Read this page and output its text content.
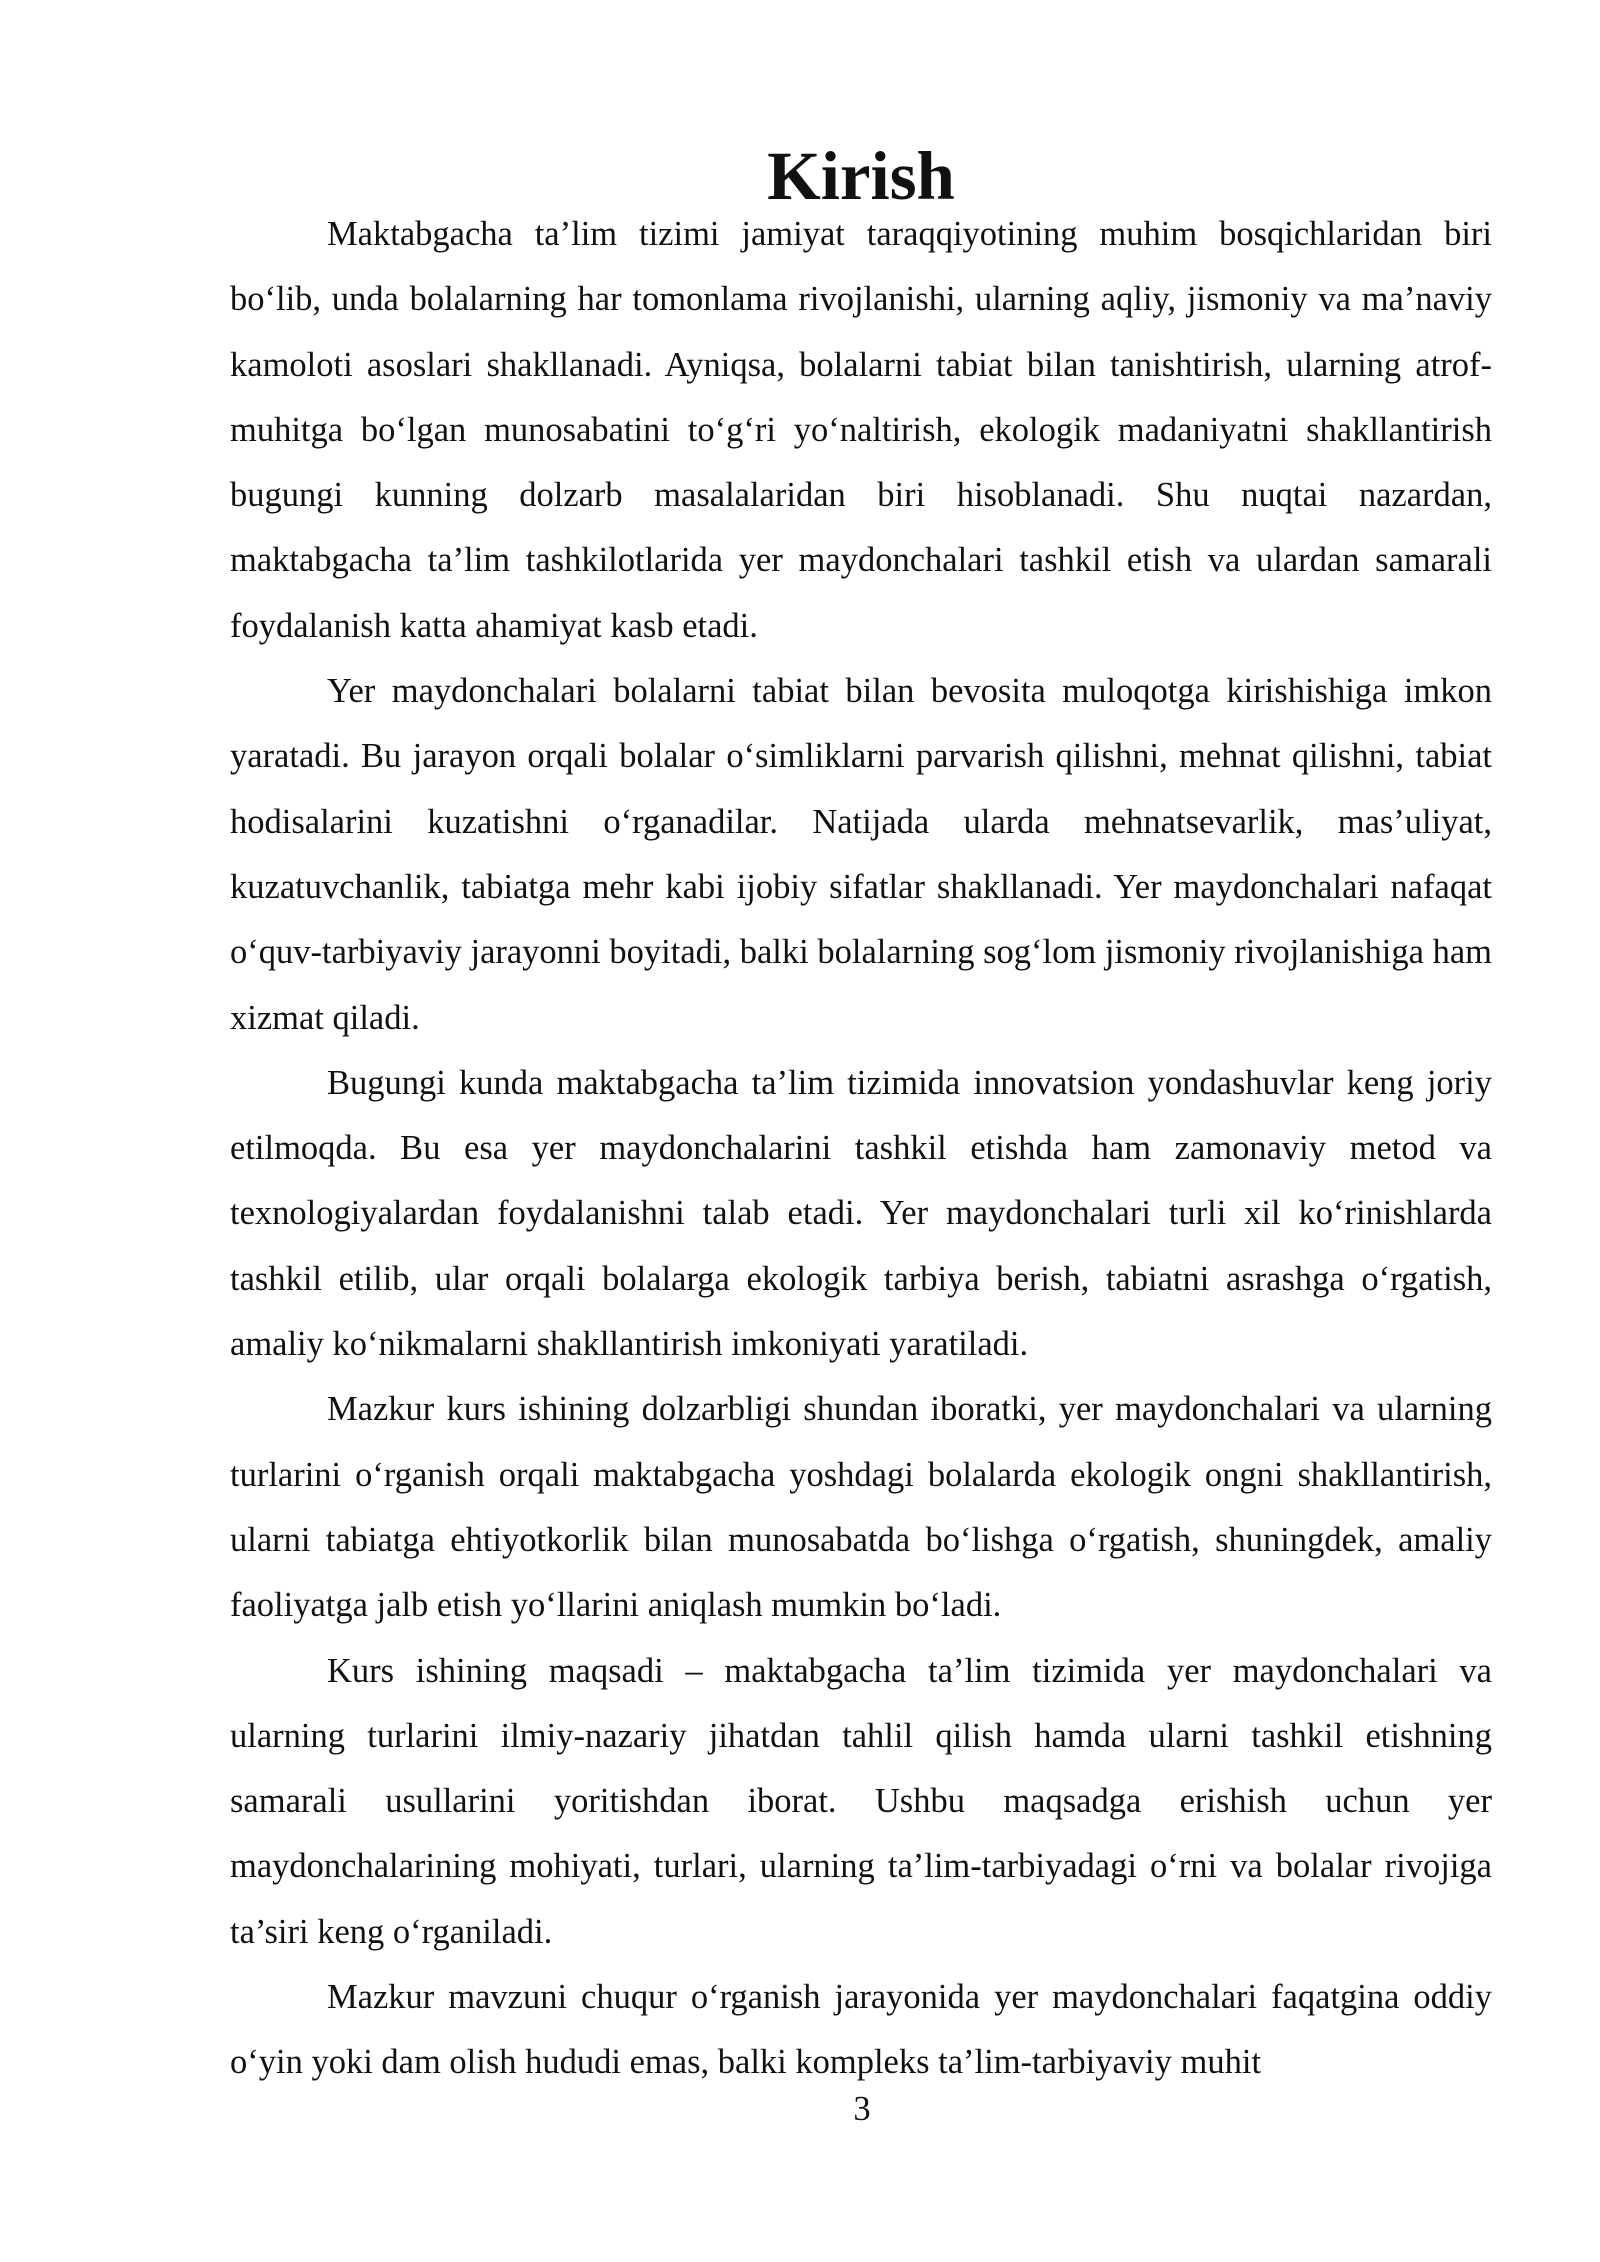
Kirish

Maktabgacha ta’lim tizimi jamiyat taraqqiyotining muhim bosqichlaridan biri bo‘lib, unda bolalarning har tomonlama rivojlanishi, ularning aqliy, jismoniy va ma’naviy kamoloti asoslari shakllanadi. Ayniqsa, bolalarni tabiat bilan tanishtirish, ularning atrof-muhitga bo‘lgan munosabatini to‘g‘ri yo‘naltirish, ekologik madaniyatni shakllantirish bugungi kunning dolzarb masalalaridan biri hisoblanadi. Shu nuqtai nazardan, maktabgacha ta’lim tashkilotlarida yer maydonchalari tashkil etish va ulardan samarali foydalanish katta ahamiyat kasb etadi.

Yer maydonchalari bolalarni tabiat bilan bevosita muloqotga kirishishiga imkon yaratadi. Bu jarayon orqali bolalar o‘simliklarni parvarish qilishni, mehnat qilishni, tabiat hodisalarini kuzatishni o‘rganadilar. Natijada ularda mehnatsevarlik, mas’uliyat, kuzatuvchanlik, tabiatga mehr kabi ijobiy sifatlar shakllanadi. Yer maydonchalari nafaqat o‘quv-tarbiyaviy jarayonni boyitadi, balki bolalarning sog‘lom jismoniy rivojlanishiga ham xizmat qiladi.

Bugungi kunda maktabgacha ta’lim tizimida innovatsion yondashuvlar keng joriy etilmoqda. Bu esa yer maydonchalarini tashkil etishda ham zamonaviy metod va texnologiyalardan foydalanishni talab etadi. Yer maydonchalari turli xil ko‘rinishlarda tashkil etilib, ular orqali bolalarga ekologik tarbiya berish, tabiatni asrashga o‘rgatish, amaliy ko‘nikmalarni shakllantirish imkoniyati yaratiladi.

Mazkur kurs ishining dolzarbligi shundan iboratki, yer maydonchalari va ularning turlarini o‘rganish orqali maktabgacha yoshdagi bolalarda ekologik ongni shakllantirish, ularni tabiatga ehtiyotkorlik bilan munosabatda bo‘lishga o‘rgatish, shuningdek, amaliy faoliyatga jalb etish yo‘llarini aniqlash mumkin bo‘ladi.

Kurs ishining maqsadi – maktabgacha ta’lim tizimida yer maydonchalari va ularning turlarini ilmiy-nazariy jihatdan tahlil qilish hamda ularni tashkil etishning samarali usullarini yoritishdan iborat. Ushbu maqsadga erishish uchun yer maydonchalarining mohiyati, turlari, ularning ta’lim-tarbiyadagi o‘rni va bolalar rivojiga ta’siri keng o‘rganiladi.

Mazkur mavzuni chuqur o‘rganish jarayonida yer maydonchalari faqatgina oddiy o‘yin yoki dam olish hududi emas, balki kompleks ta’lim-tarbiyaviy muhit

3
